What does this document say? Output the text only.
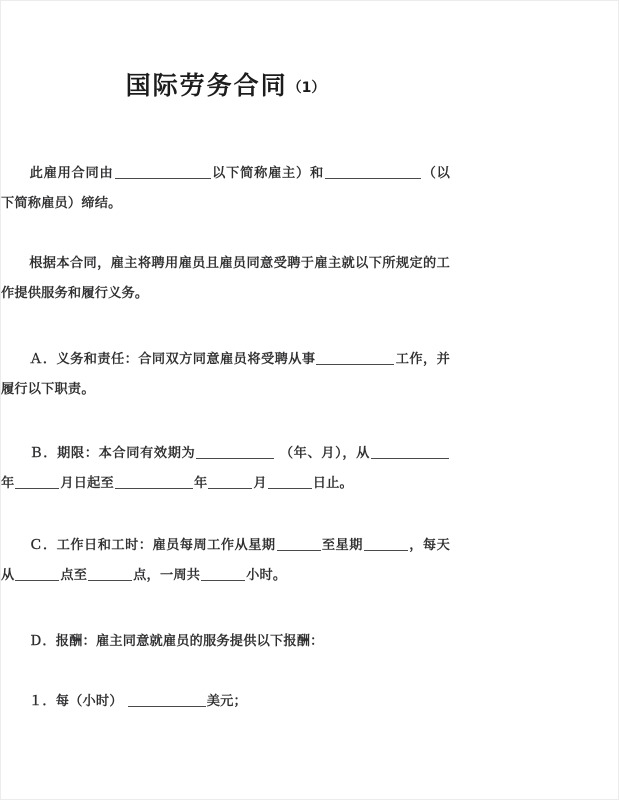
国际劳务合同（1）

此雇用合同由	以下简称雇主）和	（以下简称雇员）缔结。

根据本合同，雇主将聘用雇员且雇员同意受聘于雇主就以下所规定的工作提供服务和履行义务。

Ａ．义务和责任：合同双方同意雇员将受聘从事	工作，并履行以下职责。

Ｂ．期限：本合同有效期为	（年、月），从年	月日起至	年	月	日止。

Ｃ．工作日和工时：雇员每周工作从星期	至星期	，每天从	点至	点，一周共	小时。

Ｄ．报酬：雇主同意就雇员的服务提供以下报酬：

１．每（小时）	美元；
